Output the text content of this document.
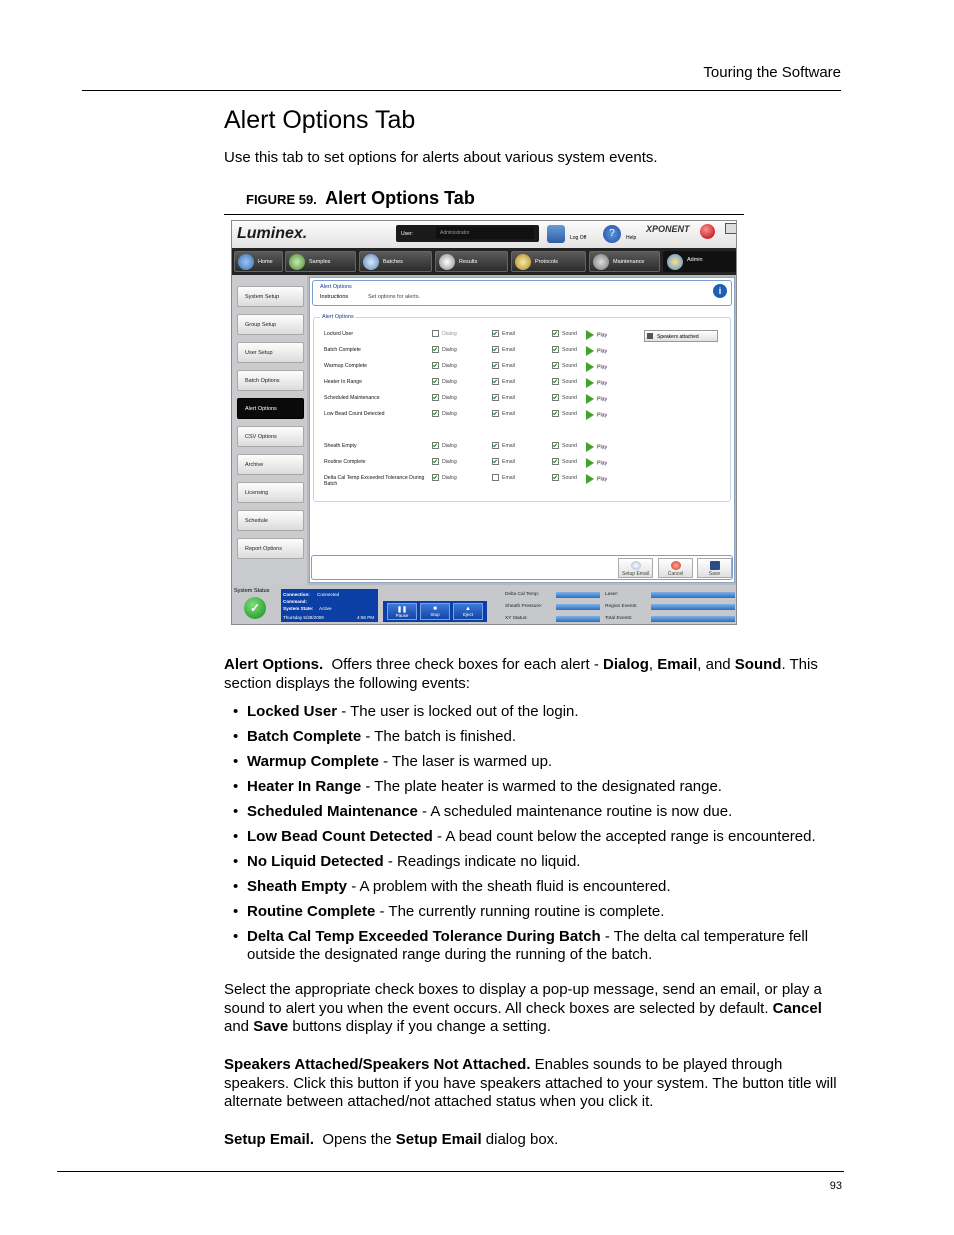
Touring the Software
Alert Options Tab
Use this tab to set options for alerts about various system events.
FIGURE 59. Alert Options Tab
Luminex.	User:	Administrator
Log Off	?	Help
XPONENT
Home	Samples	Batches	Results	Protocols	Maintenance	Admin
System Setup
Group Setup
User Setup
Batch Options
Alert Options
CSV Options
Archive
Licensing
Schedule
Report Options
Alert Options
Instructions	Set options for alerts.
i
Alert Options
Speakers attached
Locked User	Dialog	Email	Sound	Play
Batch Complete	Dialog	Email	Sound	Play
Warmup Complete	Dialog	Email	Sound	Play
Heater In Range	Dialog	Email	Sound	Play
Scheduled Maintenance	Dialog	Email	Sound	Play
Low Bead Count Detected	Dialog	Email	Sound	Play
Sheath Empty	Dialog	Email	Sound	Play
Routine Complete	Dialog	Email	Sound	Play
Delta Cal Temp Exceeded Tolerance During Batch
Dialog	Email	Sound	Play
Setup Email	Cancel	Save
System Status
✓
Connection: Connected
Command:
System State: Active
Thursday 5/28/2009	4:56 PM
❚❚
Pause
■
Stop
▲
Eject
Delta Cal Temp:
Sheath Pressure:
XY Status:
Laser:
Region Events:
Total Events:
Alert Options. Offers three check boxes for each alert - Dialog, Email, and Sound. This section displays the following events:
• Locked User - The user is locked out of the login.
• Batch Complete - The batch is finished.
• Warmup Complete - The laser is warmed up.
• Heater In Range - The plate heater is warmed to the designated range.
• Scheduled Maintenance - A scheduled maintenance routine is now due.
• Low Bead Count Detected - A bead count below the accepted range is encountered.
• No Liquid Detected - Readings indicate no liquid.
• Sheath Empty - A problem with the sheath fluid is encountered.
• Routine Complete - The currently running routine is complete.
• Delta Cal Temp Exceeded Tolerance During Batch - The delta cal temperature fell outside the designated range during the running of the batch.
Select the appropriate check boxes to display a pop-up message, send an email, or play a sound to alert you when the event occurs. All check boxes are selected by default. Cancel and Save buttons display if you change a setting.
Speakers Attached/Speakers Not Attached. Enables sounds to be played through speakers. Click this button if you have speakers attached to your system. The button title will alternate between attached/not attached status when you click it.
Setup Email. Opens the Setup Email dialog box.
93
